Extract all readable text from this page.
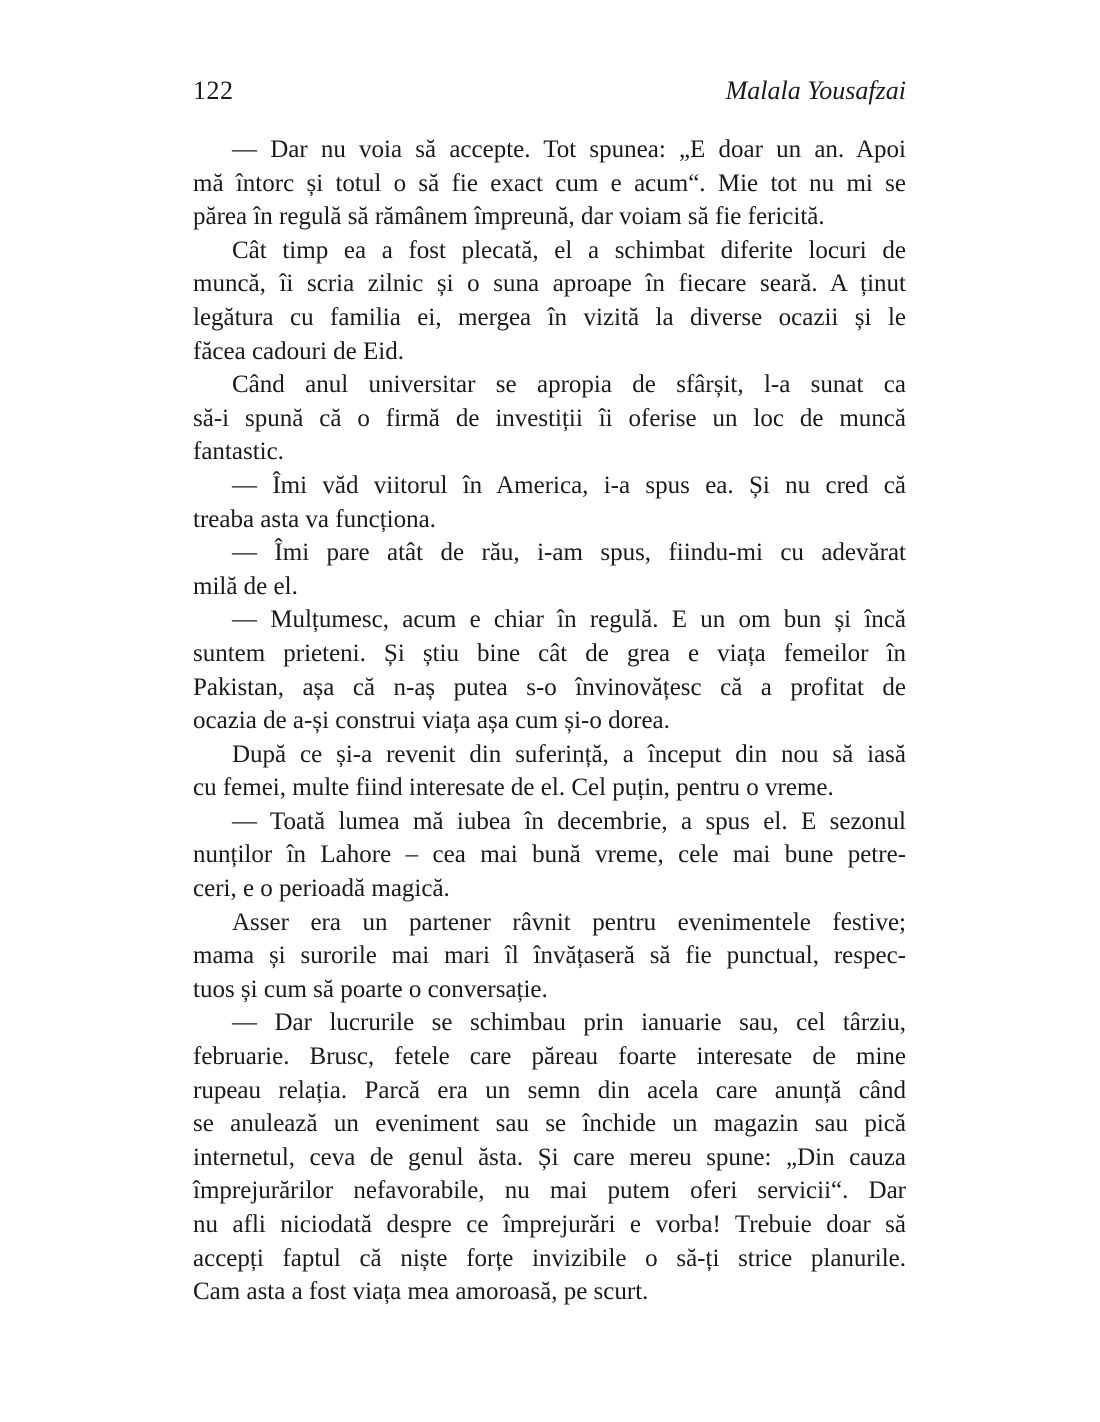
122	Malala Yousafzai
— Dar nu voia să accepte. Tot spunea: „E doar un an. Apoi
mă întorc și totul o să fie exact cum e acum“. Mie tot nu mi se
părea în regulă să rămânem împreună, dar voiam să fie fericită.
Cât timp ea a fost plecată, el a schimbat diferite locuri de
muncă, îi scria zilnic și o suna aproape în fiecare seară. A ținut
legătura cu familia ei, mergea în vizită la diverse ocazii și le
făcea cadouri de Eid.
Când anul universitar se apropia de sfârșit, l-a sunat ca
să-i spună că o firmă de investiții îi oferise un loc de muncă
fantastic.
— Îmi văd viitorul în America, i-a spus ea. Și nu cred că
treaba asta va funcționa.
— Îmi pare atât de rău, i-am spus, fiindu-mi cu adevărat
milă de el.
— Mulțumesc, acum e chiar în regulă. E un om bun și încă
suntem prieteni. Și știu bine cât de grea e viața femeilor în
Pakistan, așa că n-aș putea s-o învinovățesc că a profitat de
ocazia de a-și construi viața așa cum și-o dorea.
După ce și-a revenit din suferință, a început din nou să iasă
cu femei, multe fiind interesate de el. Cel puțin, pentru o vreme.
— Toată lumea mă iubea în decembrie, a spus el. E sezonul
nunților în Lahore – cea mai bună vreme, cele mai bune petre-
ceri, e o perioadă magică.
Asser era un partener râvnit pentru evenimentele festive;
mama și surorile mai mari îl învățaseră să fie punctual, respec-
tuos și cum să poarte o conversație.
— Dar lucrurile se schimbau prin ianuarie sau, cel târziu,
februarie. Brusc, fetele care păreau foarte interesate de mine
rupeau relația. Parcă era un semn din acela care anunță când
se anulează un eveniment sau se închide un magazin sau pică
internetul, ceva de genul ăsta. Și care mereu spune: „Din cauza
împrejurărilor nefavorabile, nu mai putem oferi servicii“. Dar
nu afli niciodată despre ce împrejurări e vorba! Trebuie doar să
accepți faptul că niște forțe invizibile o să-ți strice planurile.
Cam asta a fost viața mea amoroasă, pe scurt.
